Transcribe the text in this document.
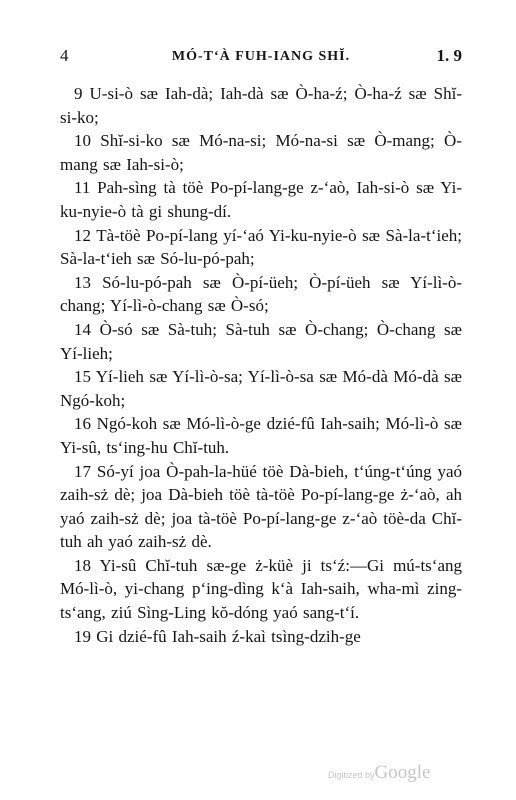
4	MÓ-T‘À FUH-IANG SHĬ.	1. 9

9 U-si-ò sæ Iah-dà; Iah-dà sæ Ò-ha-ź; Ò-ha-ź sæ Shĭ-si-ko;

10 Shĭ-si-ko sæ Mó-na-si; Mó-na-si sæ Ò-mang; Ò-mang sæ Iah-si-ò;

11 Pah-sìng tà töè Po-pí-lang-ge z-‘aò, Iah-si-ò sæ Yi-ku-nyie-ò tà gi shung-dí.

12 Tà-töè Po-pí-lang yí-‘aó Yi-ku-nyie-ò sæ Sà-la-t‘ieh; Sà-la-t‘ieh sæ Só-lu-pó-pah;

13 Só-lu-pó-pah sæ Ò-pí-üeh; Ò-pí-üeh sæ Yí-lì-ò-chang; Yí-lì-ò-chang sæ Ò-só;

14 Ò-só sæ Sà-tuh; Sà-tuh sæ Ò-chang; Ò-chang sæ Yí-lieh;

15 Yí-lieh sæ Yí-lì-ò-sa; Yí-lì-ò-sa sæ Mó-dà Mó-dà sæ Ngó-koh;

16 Ngó-koh sæ Mó-lì-ò-ge dzié-fû Iah-saih; Mó-lì-ò sæ Yi-sû, ts‘ing-hu Chĭ-tuh.

17 Só-yí joa Ò-pah-la-hüé töè Dà-bieh, t‘úng-t‘úng yaó zaih-sż dè; joa Dà-bieh töè tà-töè Po-pí-lang-ge ż-‘aò, ah yaó zaih-sż dè; joa tà-töè Po-pí-lang-ge z-‘aò töè-da Chĭ-tuh ah yaó zaih-sż dè.

18 Yi-sû Chĭ-tuh sæ-ge ż-küè ji ts‘ź:—Gi mú-ts‘ang Mó-lì-ò, yi-chang p‘ing-dìng k‘à Iah-saih, wha-mì zing-ts‘ang, ziú Sìng-Ling kŏ-dóng yaó sang-t‘í.

19 Gi dzié-fû Iah-saih ź-kaì tsìng-dzih-ge

Digitized byGoogle
